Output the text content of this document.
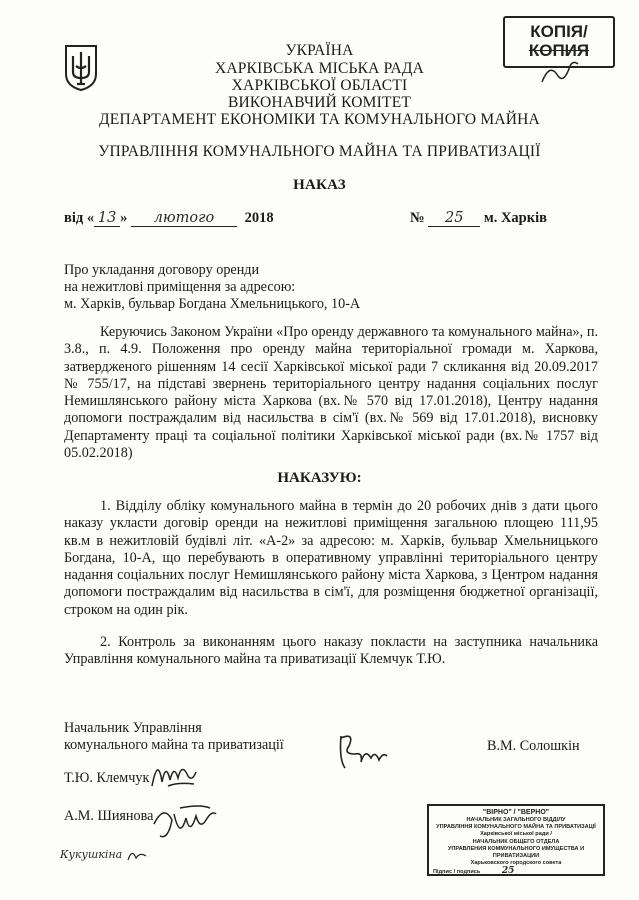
КОПІЯ/
КОПИЯ
УКРАЇНА
ХАРКІВСЬКА МІСЬКА РАДА
ХАРКІВСЬКОЇ ОБЛАСТІ
ВИКОНАВЧИЙ КОМІТЕТ
ДЕПАРТАМЕНТ ЕКОНОМІКИ ТА КОМУНАЛЬНОГО МАЙНА
УПРАВЛІННЯ КОМУНАЛЬНОГО МАЙНА ТА ПРИВАТИЗАЦІЇ
НАКАЗ
від « 13 » лютого 2018	№ 25 м. Харків
Про укладання договору оренди
на нежитлові приміщення за адресою:
м. Харків, бульвар Богдана Хмельницького, 10-А
Керуючись Законом України «Про оренду державного та комунального майна», п. 3.8., п. 4.9. Положення про оренду майна територіальної громади м. Харкова, затвердженого рішенням 14 сесії Харківської міської ради 7 скликання від 20.09.2017 № 755/17, на підставі звернень територіального центру надання соціальних послуг Немишлянського району міста Харкова (вх.№ 570 від 17.01.2018), Центру надання допомоги постраждалим від насильства в сім'ї (вх.№ 569 від 17.01.2018), висновку Департаменту праці та соціальної політики Харківської міської ради (вх.№ 1757 від 05.02.2018)
НАКАЗУЮ:
1. Відділу обліку комунального майна в термін до 20 робочих днів з дати цього наказу укласти договір оренди на нежитлові приміщення загальною площею 111,95 кв.м в нежитловій будівлі літ. «А-2» за адресою: м. Харків, бульвар Хмельницького Богдана, 10-А, що перебувають в оперативному управлінні територіального центру надання соціальних послуг Немишлянського району міста Харкова, з Центром надання допомоги постраждалим від насильства в сім'ї, для розміщення бюджетної організації, строком на один рік.
2. Контроль за виконанням цього наказу покласти на заступника начальника Управління комунального майна та приватизації Клемчук Т.Ю.
Начальник Управління
комунального майна та приватизації	В.М. Солошкін
Т.Ю. Клемчук
А.М. Шиянова
Кукушкіна
"ВІРНО" / "ВЕРНО"
НАЧАЛЬНИК ЗАГАЛЬНОГО ВІДДІЛУ
УПРАВЛІННЯ КОМУНАЛЬНОГО МАЙНА ТА ПРИВАТИЗАЦІЇ
Харківської міської ради /
НАЧАЛЬНИК ОБЩЕГО ОТДЕЛА
УПРАВЛЕНИЯ КОММУНАЛЬНОГО ИМУЩЕСТВА И ПРИВАТИЗАЦИИ
Харьковского городского совета
Підпис / подпись 25
